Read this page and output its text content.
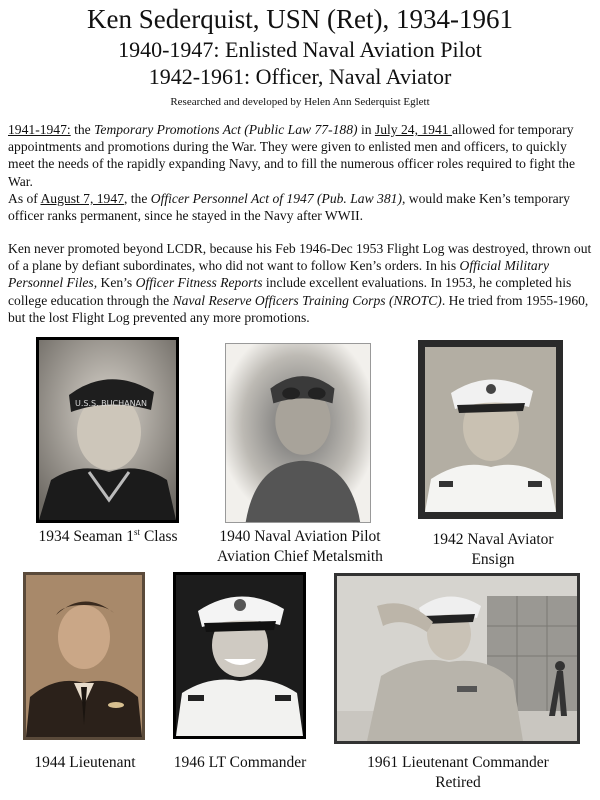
Ken Sederquist, USN (Ret), 1934-1961
1940-1947: Enlisted Naval Aviation Pilot
1942-1961: Officer, Naval Aviator
Researched and developed by Helen Ann Sederquist Eglett

1941-1947: the Temporary Promotions Act (Public Law 77-188) in July 24, 1941 allowed for temporary appointments and promotions during the War. They were given to enlisted men and officers, to quickly meet the needs of the rapidly expanding Navy, and to fill the numerous officer roles required to fight the War.
As of August 7, 1947, the Officer Personnel Act of 1947 (Pub. Law 381), would make Ken’s temporary officer ranks permanent, since he stayed in the Navy after WWII.

Ken never promoted beyond LCDR, because his Feb 1946-Dec 1953 Flight Log was destroyed, thrown out of a plane by defiant subordinates, who did not want to follow Ken’s orders. In his Official Military Personnel Files, Ken’s Officer Fitness Reports include excellent evaluations. In 1953, he completed his college education through the Naval Reserve Officers Training Corps (NROTC). He tried from 1955-1960, but the lost Flight Log prevented any more promotions.

U.S.S. BUCHANAN
1934 Seaman 1st Class	1940 Naval Aviation Pilot
Aviation Chief Metalsmith
1942 Naval Aviator
Ensign
1944 Lieutenant	1946 LT Commander	1961 Lieutenant Commander
Retired
